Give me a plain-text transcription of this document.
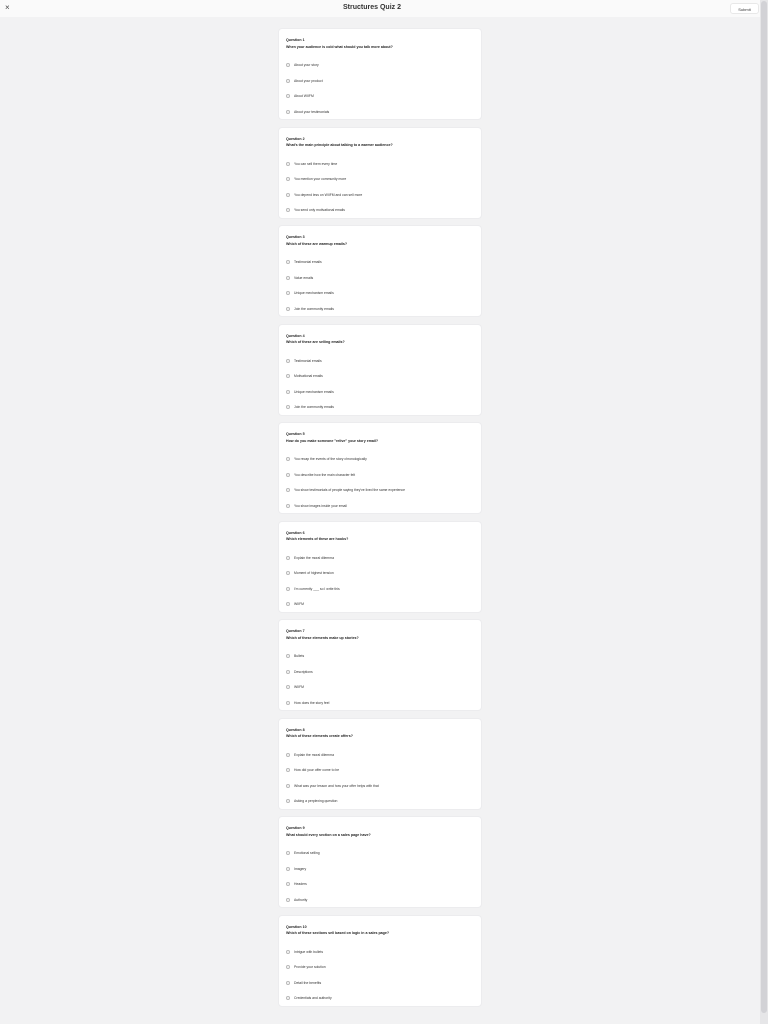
×	Structures Quiz 2	Submit
Question 1
When your audience is cold what should you talk more about?
About your story
About your product
About WIIFM
About your testimonials
Question 2
What's the main principle about talking to a warmer audience?
You can sell them every time
You mention your community more
You depend less on WIIFM and can sell more
You send only motivational emails
Question 3
Which of these are warmup emails?
Testimonial emails
Value emails
Unique mechanism emails
Join the community emails
Question 4
Which of these are selling emails?
Testimonial emails
Motivational emails
Unique mechanism emails
Join the community emails
Question 5
How do you make someone "relive" your story email?
You recap the events of the story chronologically
You describe how the main character felt
You show testimonials of people saying they've lived the same experience
You show images inside your email
Question 6
Which elements of these are hooks?
Explain the moral dilemma
Moment of highest tension
I'm currently ___ so I write this
WIIFM
Question 7
Which of these elements make up stories?
Bullets
Descriptions
WIIFM
How does the story feel
Question 8
Which of these elements create offers?
Explain the moral dilemma
How did your offer come to be
What was your lesson and how your offer helps with that
Asking a perplexing question
Question 9
What should every section on a sales page have?
Emotional selling
Imagery
Headers
Authority
Question 10
Which of these sections sell based on logic in a sales page?
Intrigue with bullets
Provide your solution
Detail the benefits
Credentials and authority
